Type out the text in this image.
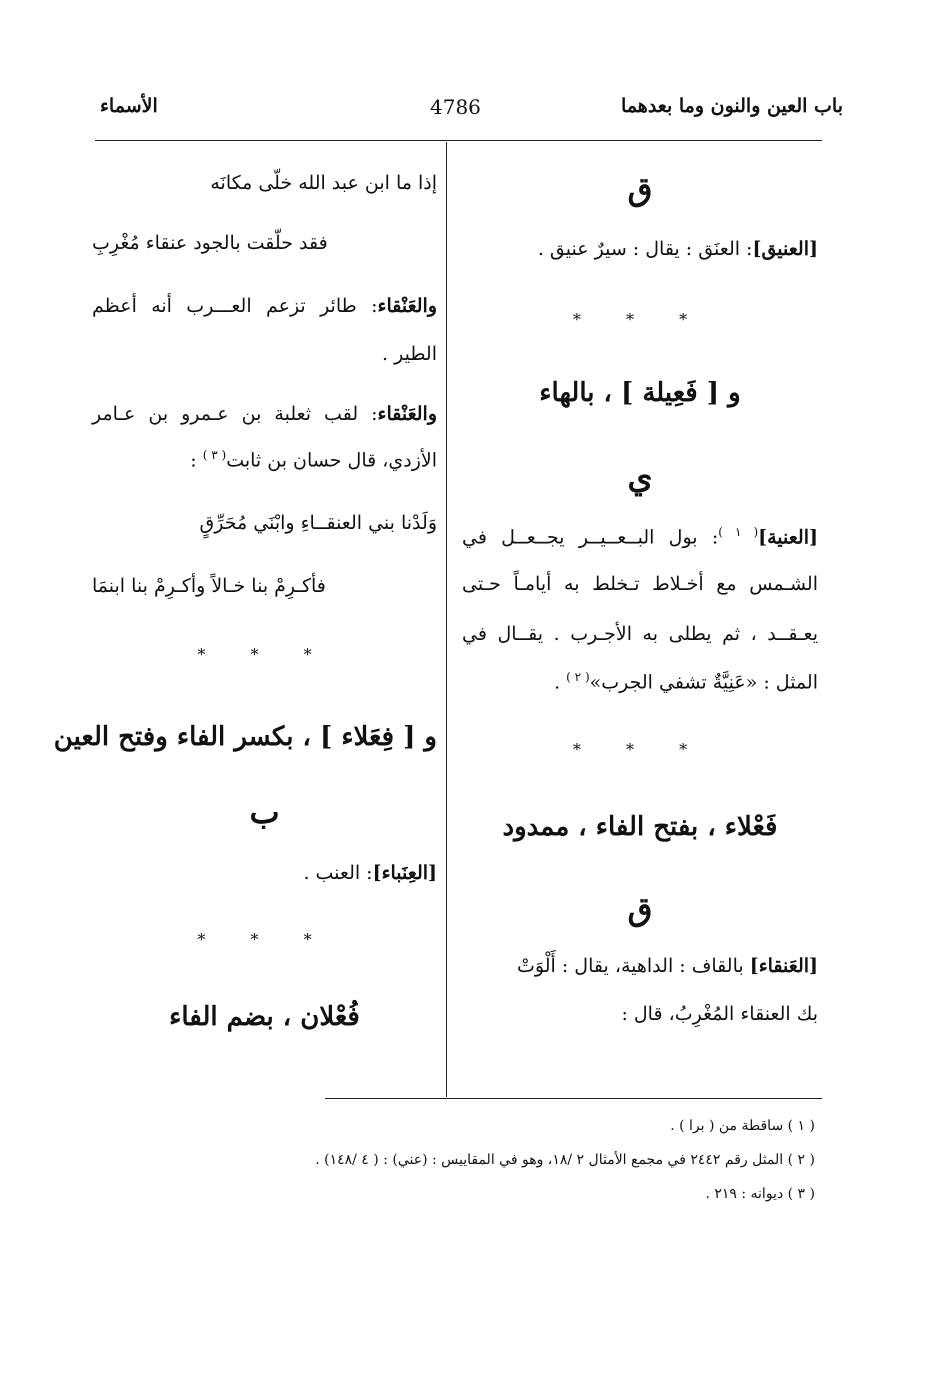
باب العين والنون وما بعدهما
4786
الأسماء
ق
[العنيق]: العنَق : يقال : سيرٌ عنيق .
* * *
و [ فَعِيلة ] ، بالهاء
ي
[العنية]$^{( ١ )}$: بول البــعــيــر يجــعــل في
الشـمس مع أخـلاط تـخلط به أيامـاً حـتى
يعـقــد ، ثم يطلى به الأجـرب . يقــال في
المثل : «عَنِيَّةٌ تشفي الجرب»$^{( ٢ )}$ .
* * *
فَعْلاء ، بفتح الفاء ، ممدود
ق
[العَنقاء] بالقاف : الداهية، يقال : أَلْوَتْ
بك العنقاء المُغْرِبُ، قال :
إذا ما ابن عبد الله خلّى مكانَه
فقد حلّقت بالجود عنقاء مُغْرِبِ
والعَنْقاء: طائر تزعم العـــرب أنه أعظم
الطير .
والعَنْقاء: لقب ثعلبة بن عـمرو بن عـامر
الأزدي، قال حسان بن ثابت$^{( ٣ )}$ :
وَلَدْنا بني العنقــاءِ وابْنَي مُحَرِّقٍ
فأكـرِمْ بنا خـالاً وأكـرِمْ بنا ابنمَا
* * *
و [ فِعَلاء ] ، بكسر الفاء وفتح العين
ب
[العِنَباء]: العنب .
* * *
فُعْلان ، بضم الفاء
( ١ ) ساقطة من ( برا ) .
( ٢ ) المثل رقم ٢٤٤٢ في مجمع الأمثال ٢ /١٨، وهو في المقاييس : (عني) : ( ٤ /١٤٨) .
( ٣ ) ديوانه : ٢١٩ .
